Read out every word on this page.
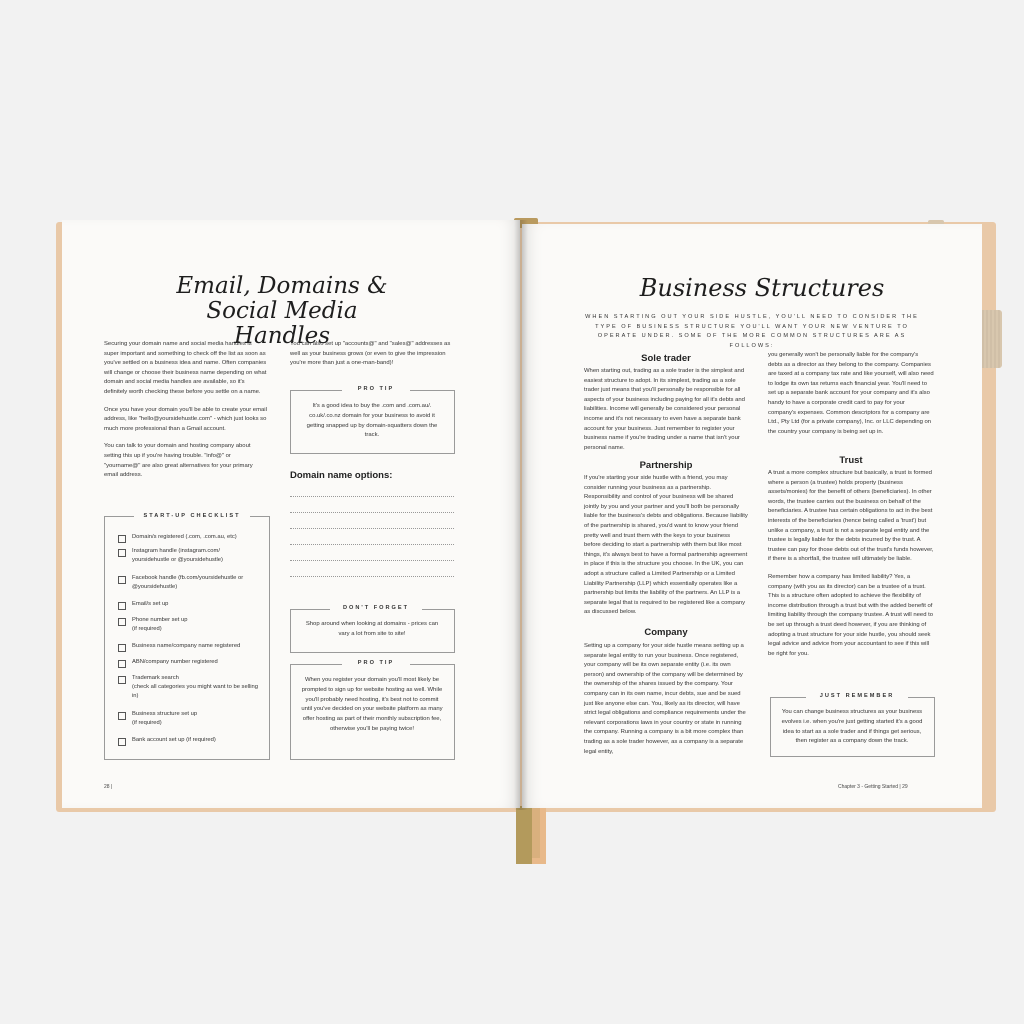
Email, Domains &
Social Media Handles

Securing your domain name and social media handles is super important and something to check off the list as soon as you've settled on a business idea and name. Often companies will change or choose their business name depending on what domain and social media handles are available, so it's definitely worth checking these before you settle on a name.

Once you have your domain you'll be able to create your email address, like "hello@yoursidehustle.com" - which just looks so much more professional than a Gmail account.

You can talk to your domain and hosting company about setting this up if you're having trouble. "info@" or "yourname@" are also great alternatives for your primary email address.

START-UP CHECKLIST
Domain/s registered (.com, .com.au, etc)
Instagram handle (instagram.com/
yoursidehustle or @yoursidehustle)
Facebook handle (fb.com/yoursidehustle or
@yoursidehustle)
Email/s set up
Phone number set up
(if required)
Business name/company name registered
ABN/company number registered
Trademark search
(check all categories you might want to be selling in)
Business structure set up
(if required)
Bank account set up (if required)

You can also set up "accounts@" and "sales@" addresses as well as your business grows (or even to give the impression you're more than just a one-man-band)!

PRO TIP
It's a good idea to buy the .com and .com.au/. co.uk/.co.nz domain for your business to avoid it getting snapped up by domain-squatters down the track.
Domain name options:
DON'T FORGET
Shop around when looking at domains - prices can vary a lot from site to site!
PRO TIP
When you register your domain you'll most likely be prompted to sign up for website hosting as well. While you'll probably need hosting, it's best not to commit until you've decided on your website platform as many offer hosting as part of their monthly subscription fee, otherwise you'll be paying twice!
28 |
Business Structures
WHEN STARTING OUT YOUR SIDE HUSTLE, YOU'LL NEED TO CONSIDER THE TYPE OF BUSINESS STRUCTURE YOU'LL WANT YOUR NEW VENTURE TO OPERATE UNDER. SOME OF THE MORE COMMON STRUCTURES ARE AS FOLLOWS:
Sole trader
When starting out, trading as a sole trader is the simplest and easiest structure to adopt. In its simplest, trading as a sole trader just means that you'll personally be responsible for all aspects of your business including paying for all it's debts and liabilities. Income will generally be considered your personal income and it's not necessary to even have a separate bank account for your business. Just remember to register your business name if you're trading under a name that isn't your personal name.
Partnership
If you're starting your side hustle with a friend, you may consider running your business as a partnership. Responsibility and control of your business will be shared jointly by you and your partner and you'll both be personally liable for the business's debts and obligations. Because liability of the partnership is shared, you'd want to know your friend pretty well and trust them with the keys to your business before deciding to start a partnership with them but like most things, it's always best to have a formal partnership agreement in place if this is the structure you choose. In the UK, you can adopt a structure called a Limited Partnership or a Limited Liability Partnership (LLP) which essentially operates like a partnership but limits the liability of the partners. An LLP is a separate legal that is required to be registered like a company as discussed below.
Company
Setting up a company for your side hustle means setting up a separate legal entity to run your business. Once registered, your company will be its own separate entity (i.e. its own person) and ownership of the company will be determined by the ownership of the shares issued by the company. Your company can in its own name, incur debts, sue and be sued just like anyone else can. You, likely as its director, will have strict legal obligations and compliance requirements under the relevant corporations laws in your country or state in running the company. Running a company is a bit more complex than trading as a sole trader however, as a company is a separate legal entity,
you generally won't be personally liable for the company's debts as a director as they belong to the company. Companies are taxed at a company tax rate and like yourself, will also need to lodge its own tax returns each financial year. You'll need to set up a separate bank account for your company and it's also handy to have a corporate credit card to pay for your company's expenses. Common descriptors for a company are Ltd., Pty Ltd (for a private company), Inc. or LLC depending on the country your company is being set up in.
Trust

A trust a more complex structure but basically, a trust is formed where a person (a trustee) holds property (business assets/monies) for the benefit of others (beneficiaries). In other words, the trustee carries out the business on behalf of the beneficiaries. A trustee has certain obligations to act in the best interests of the beneficiaries (hence being called a 'trust') but unlike a company, a trust is not a separate legal entity and the trustee is legally liable for the debts incurred by the trust. A trustee can pay for those debts out of the trust's funds however, if there is a shortfall, the trustee will ultimately be liable.

Remember how a company has limited liability? Yes, a company (with you as its director) can be a trustee of a trust. This is a structure often adopted to achieve the flexibility of income distribution through a trust but with the added benefit of limiting liability through the company trustee. A trust will need to be set up through a trust deed however, if you are thinking of adopting a trust structure for your side hustle, you should seek legal advice and advice from your accountant to see if this will be right for you.

JUST REMEMBER
You can change business structures as your business evolves i.e. when you're just getting started it's a good idea to start as a sole trader and if things get serious, then register as a company down the track.
Chapter 3 - Getting Started | 29
